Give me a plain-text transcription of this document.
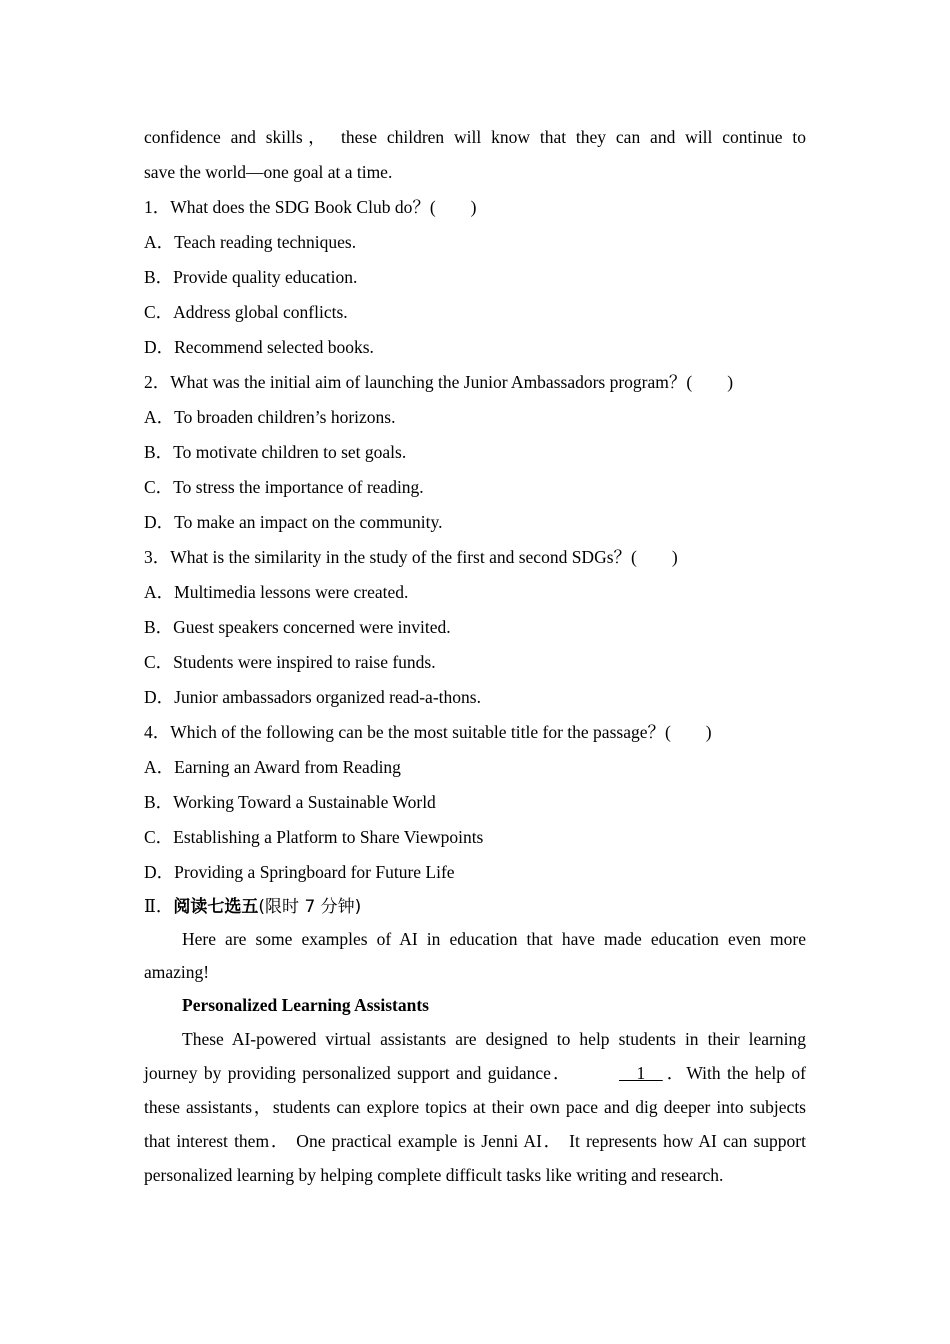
confidence and skills， these children will know that they can and will continue to
save the world—one goal at a time.
1．What does the SDG Book Club do？(　　)
A．Teach reading techniques.
B．Provide quality education.
C．Address global conflicts.
D．Recommend selected books.
2．What was the initial aim of launching the Junior Ambassadors program？(　　)
A．To broaden children’s horizons.
B．To motivate children to set goals.
C．To stress the importance of reading.
D．To make an impact on the community.
3．What is the similarity in the study of the first and second SDGs？(　　)
A．Multimedia lessons were created.
B．Guest speakers concerned were invited.
C．Students were inspired to raise funds.
D．Junior ambassadors organized read-a-thons.
4．Which of the following can be the most suitable title for the passage？(　　)
A．Earning an Award from Reading
B．Working Toward a Sustainable World
C．Establishing a Platform to Share Viewpoints
D．Providing a Springboard for Future Life
Ⅱ．阅读七选五(限时 7 分钟)
Here are some examples of AI in education that have made education even more amazing!
Personalized Learning Assistants
These AI-powered virtual assistants are designed to help students in their learning journey by providing personalized support and guidance．	　1　．With the help of these assistants，students can explore topics at their own pace and dig deeper into subjects that interest them． One practical example is Jenni AI． It represents how AI can support personalized learning by helping complete difficult tasks like writing and research.
